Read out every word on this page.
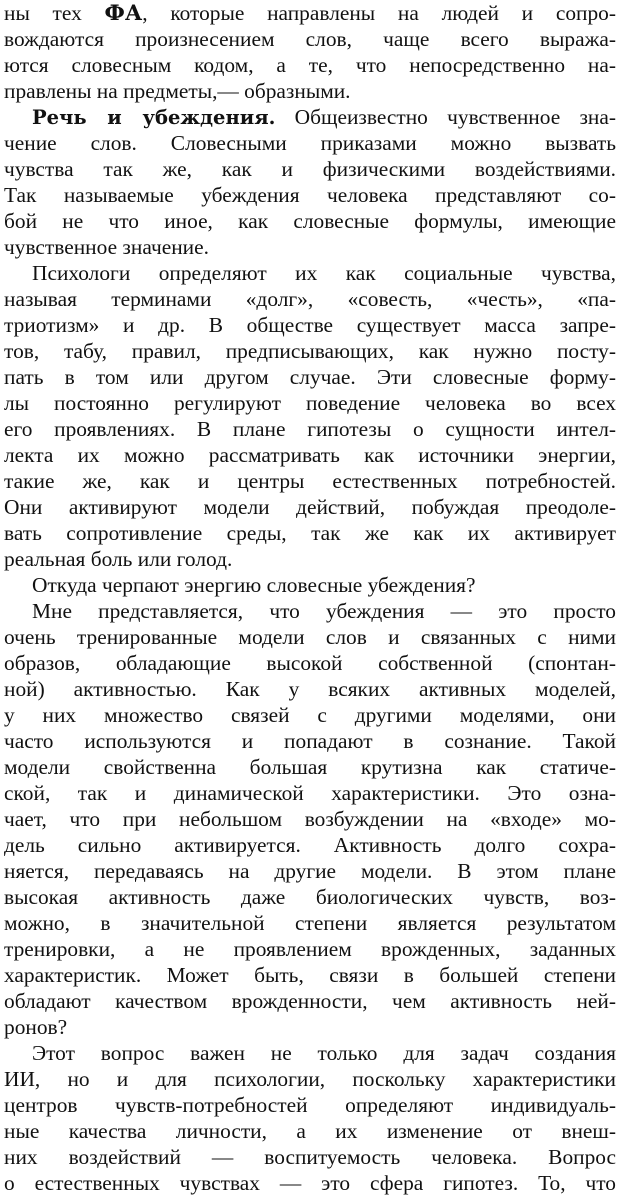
ны тех ФА, которые направлены на людей и сопро-
вождаются произнесением слов, чаще всего выража-
ются словесным кодом, а те, что непосредственно на-
правлены на предметы,— образными.
Речь и убеждения. Общеизвестно чувственное зна-
чение слов. Словесными приказами можно вызвать
чувства так же, как и физическими воздействиями.
Так называемые убеждения человека представляют со-
бой не что иное, как словесные формулы, имеющие
чувственное значение.
Психологи определяют их как социальные чувства,
называя терминами «долг», «совесть, «честь», «па-
триотизм» и др. В обществе существует масса запре-
тов, табу, правил, предписывающих, как нужно посту-
пать в том или другом случае. Эти словесные форму-
лы постоянно регулируют поведение человека во всех
его проявлениях. В плане гипотезы о сущности интел-
лекта их можно рассматривать как источники энергии,
такие же, как и центры естественных потребностей.
Они активируют модели действий, побуждая преодоле-
вать сопротивление среды, так же как их активирует
реальная боль или голод.
Откуда черпают энергию словесные убеждения?
Мне представляется, что убеждения — это просто
очень тренированные модели слов и связанных с ними
образов, обладающие высокой собственной (спонтан-
ной) активностью. Как у всяких активных моделей,
у них множество связей с другими моделями, они
часто используются и попадают в сознание. Такой
модели свойственна большая крутизна как статиче-
ской, так и динамической характеристики. Это озна-
чает, что при небольшом возбуждении на «входе» мо-
дель сильно активируется. Активность долго сохра-
няется, передаваясь на другие модели. В этом плане
высокая активность даже биологических чувств, воз-
можно, в значительной степени является результатом
тренировки, а не проявлением врожденных, заданных
характеристик. Может быть, связи в большей степени
обладают качеством врожденности, чем активность ней-
ронов?
Этот вопрос важен не только для задач создания
ИИ, но и для психологии, поскольку характеристики
центров чувств-потребностей определяют индивидуаль-
ные качества личности, а их изменение от внеш-
них воздействий — воспитуемость человека. Вопрос
о естественных чувствах — это сфера гипотез. То, что
